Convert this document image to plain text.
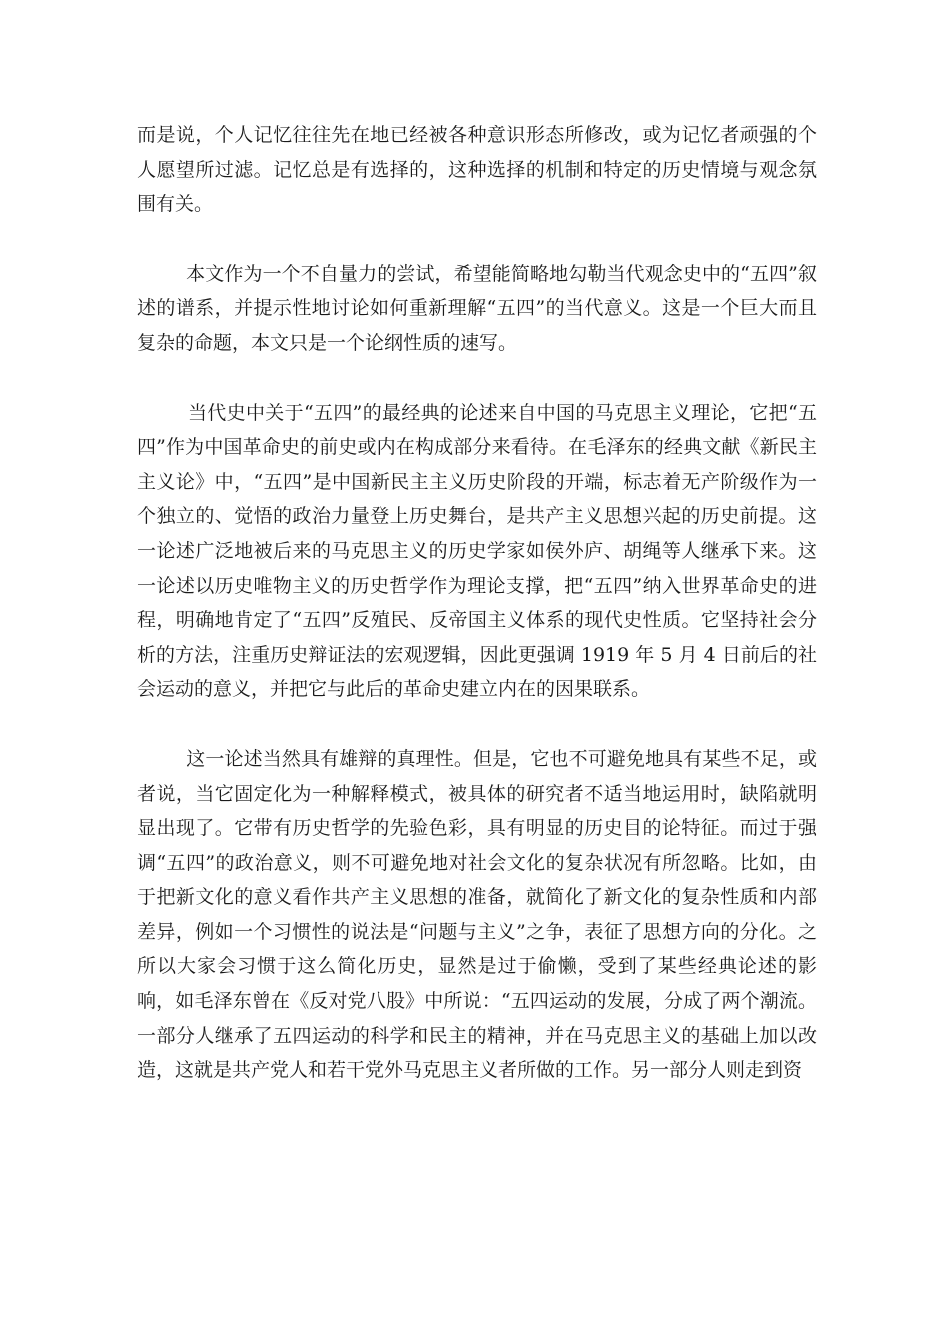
而是说，个人记忆往往先在地已经被各种意识形态所修改，或为记忆者顽强的个人愿望所过滤。记忆总是有选择的，这种选择的机制和特定的历史情境与观念氛围有关。

本文作为一个不自量力的尝试，希望能简略地勾勒当代观念史中的“五四”叙述的谱系，并提示性地讨论如何重新理解“五四”的当代意义。这是一个巨大而且复杂的命题，本文只是一个论纲性质的速写。

当代史中关于“五四”的最经典的论述来自中国的马克思主义理论，它把“五四”作为中国革命史的前史或内在构成部分来看待。在毛泽东的经典文献《新民主主义论》中，“五四”是中国新民主主义历史阶段的开端，标志着无产阶级作为一个独立的、觉悟的政治力量登上历史舞台，是共产主义思想兴起的历史前提。这一论述广泛地被后来的马克思主义的历史学家如侯外庐、胡绳等人继承下来。这一论述以历史唯物主义的历史哲学作为理论支撑，把“五四”纳入世界革命史的进程，明确地肯定了“五四”反殖民、反帝国主义体系的现代史性质。它坚持社会分析的方法，注重历史辩证法的宏观逻辑，因此更强调 1919 年 5 月 4 日前后的社会运动的意义，并把它与此后的革命史建立内在的因果联系。

这一论述当然具有雄辩的真理性。但是，它也不可避免地具有某些不足，或者说，当它固定化为一种解释模式，被具体的研究者不适当地运用时，缺陷就明显出现了。它带有历史哲学的先验色彩，具有明显的历史目的论特征。而过于强调“五四”的政治意义，则不可避免地对社会文化的复杂状况有所忽略。比如，由于把新文化的意义看作共产主义思想的准备，就简化了新文化的复杂性质和内部差异，例如一个习惯性的说法是“问题与主义”之争，表征了思想方向的分化。之所以大家会习惯于这么简化历史，显然是过于偷懒，受到了某些经典论述的影响，如毛泽东曾在《反对党八股》中所说：“五四运动的发展，分成了两个潮流。一部分人继承了五四运动的科学和民主的精神，并在马克思主义的基础上加以改造，这就是共产党人和若干党外马克思主义者所做的工作。另一部分人则走到资
